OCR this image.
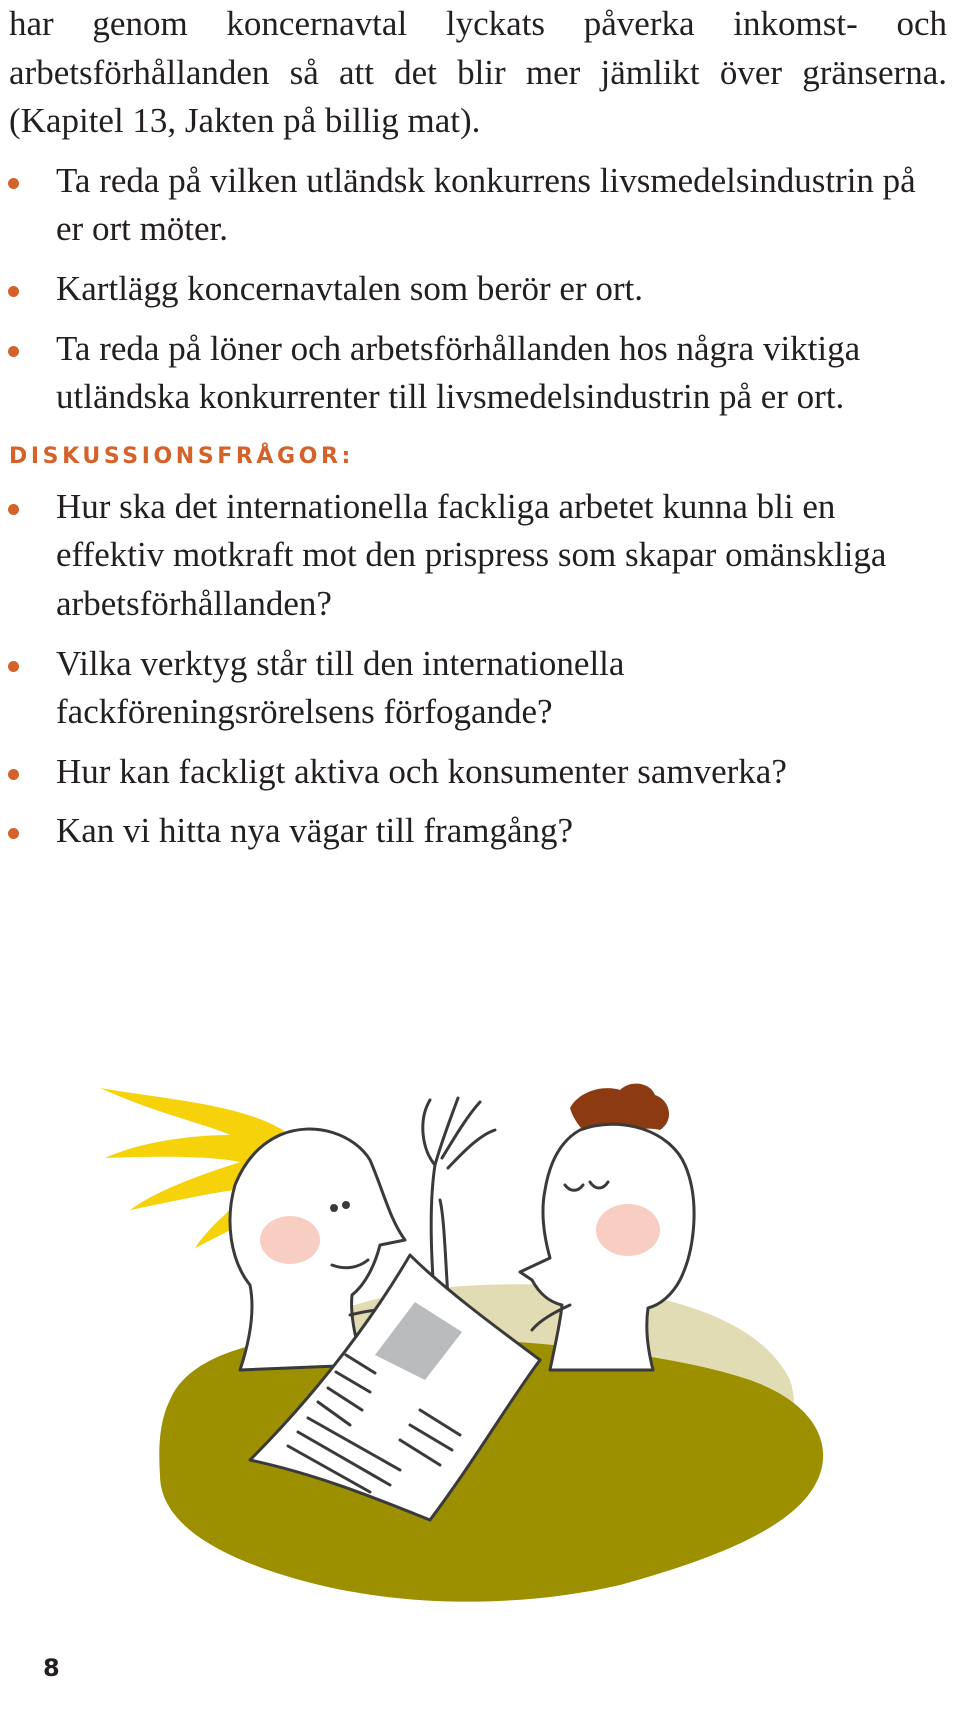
har genom koncernavtal lyckats påverka inkomst- och arbetsförhållanden så att det blir mer jämlikt över gränserna. (Kapitel 13, Jakten på billig mat).

Ta reda på vilken utländsk konkurrens livsmedelsindustrin på er ort möter.
Kartlägg koncernavtalen som berör er ort.
Ta reda på löner och arbetsförhållanden hos några viktiga utländska konkurrenter till livsmedelsindustrin på er ort.
DISKUSSIONSFRÅGOR:
Hur ska det internationella fackliga arbetet kunna bli en effektiv motkraft mot den prispress som skapar omänskliga arbetsförhållanden?
Vilka verktyg står till den internationella fackföreningsrörelsens förfogande?
Hur kan fackligt aktiva och konsumenter samverka?
Kan vi hitta nya vägar till framgång?
8
